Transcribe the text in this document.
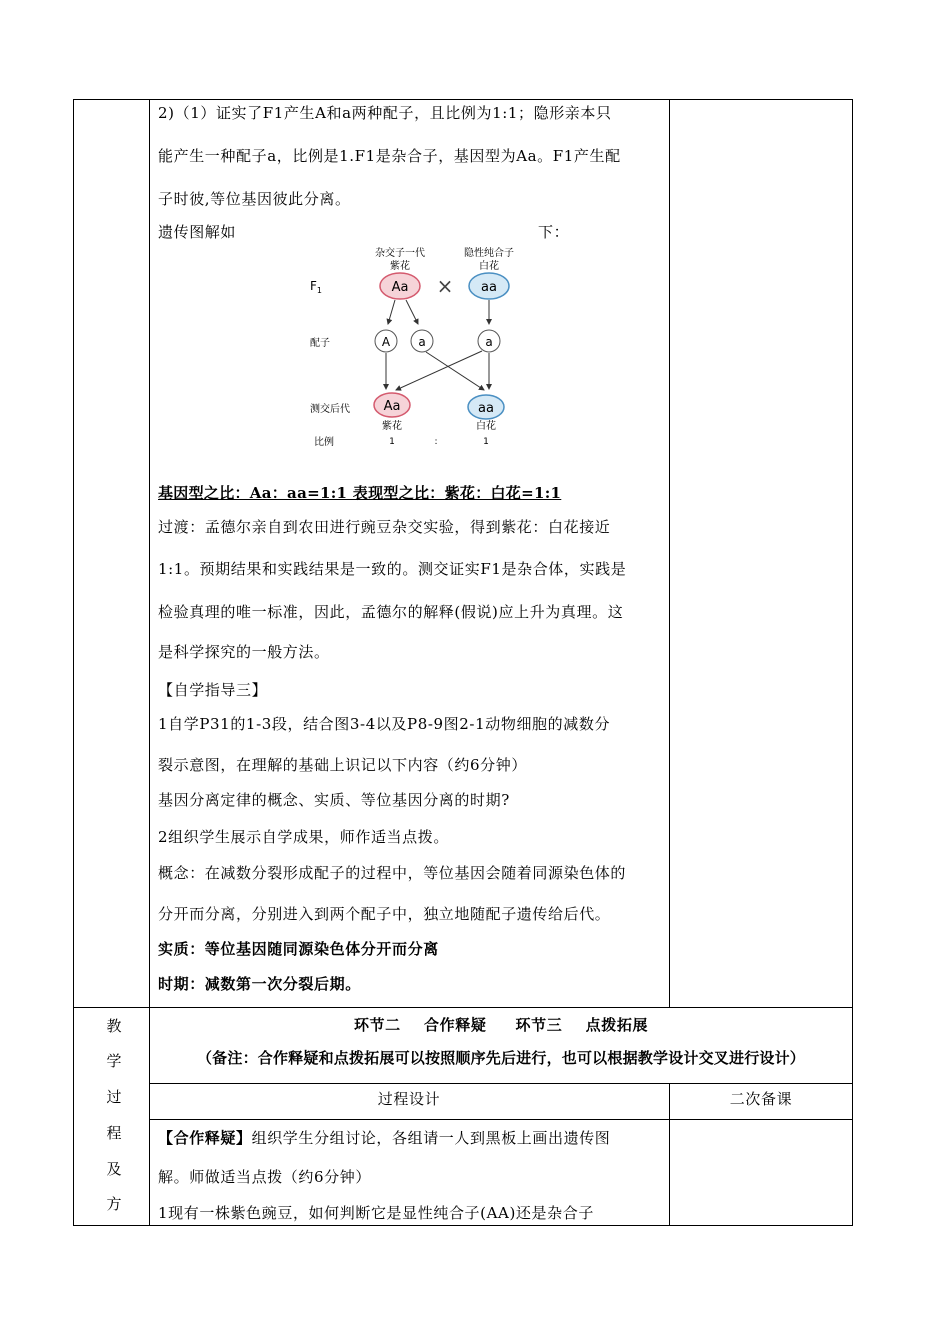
2)（1）证实了F1产生A和a两种配子，且比例为1:1；隐形亲本只
能产生一种配子a，比例是1.F1是杂合子，基因型为Aa。F1产生配
子时彼,等位基因彼此分离。
遗传图解如	下：
杂交子一代
紫花
隐性纯合子
白花
$F_1$	Aa × aa
配子	A a	a
测交后代	Aa	aa
紫花	白花
比例	1	:	1
基因型之比：Aa：aa=1:1 表现型之比：紫花：白花=1:1
过渡：孟德尔亲自到农田进行豌豆杂交实验，得到紫花：白花接近
1:1。预期结果和实践结果是一致的。测交证实F1是杂合体，实践是
检验真理的唯一标准，因此，孟德尔的解释(假说)应上升为真理。这
是科学探究的一般方法。
【自学指导三】
1自学P31的1-3段，结合图3-4以及P8-9图2-1动物细胞的减数分
裂示意图，在理解的基础上识记以下内容（约6分钟）
基因分离定律的概念、实质、等位基因分离的时期?
2组织学生展示自学成果，师作适当点拨。
概念：在减数分裂形成配子的过程中，等位基因会随着同源染色体的
分开而分离，分别进入到两个配子中，独立地随配子遗传给后代。
实质：等位基因随同源染色体分开而分离
时期：减数第一次分裂后期。
教
学
过
程
及
方
环节二    合作释疑     环节三    点拨拓展
（备注：合作释疑和点拨拓展可以按照顺序先后进行，也可以根据教学设计交叉进行设计）
过程设计	二次备课
【合作释疑】组织学生分组讨论，各组请一人到黑板上画出遗传图
解。师做适当点拨（约6分钟）
1现有一株紫色豌豆，如何判断它是显性纯合子(AA)还是杂合子
